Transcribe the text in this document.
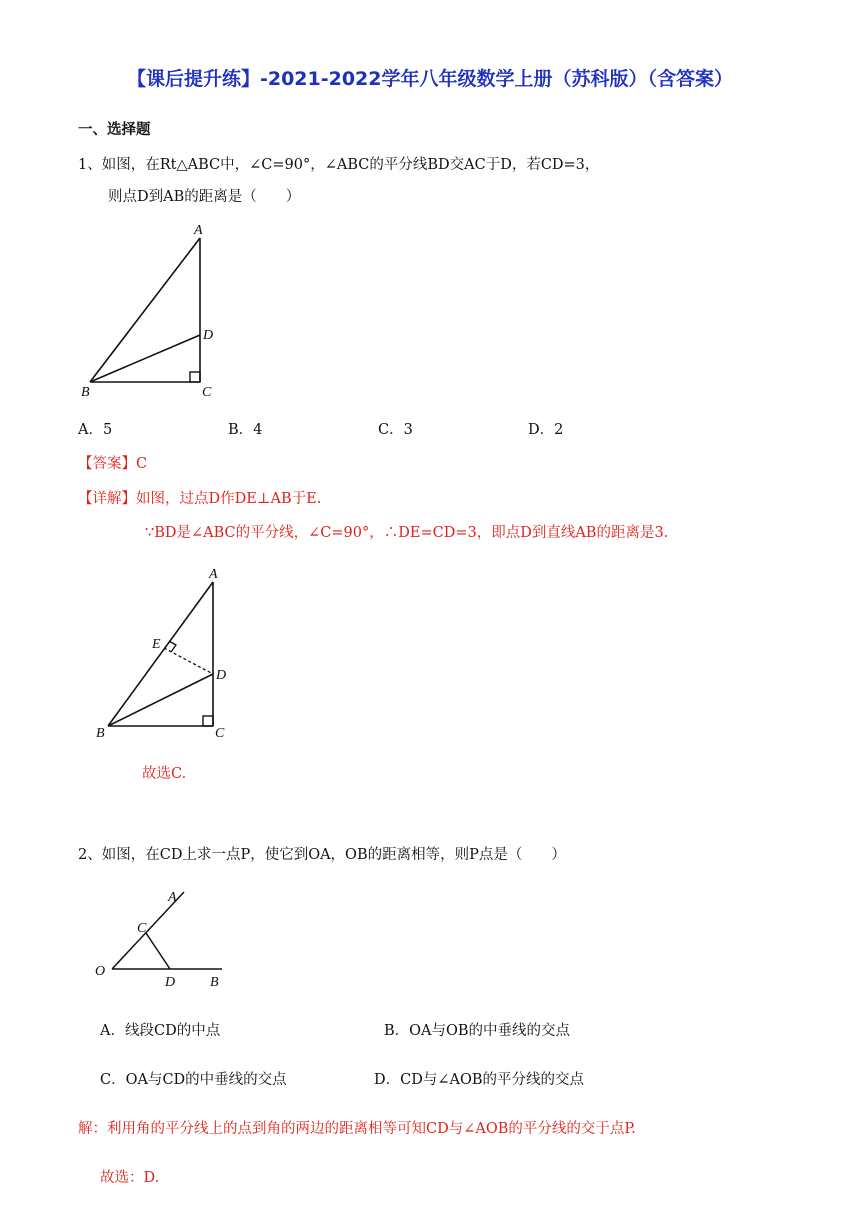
【课后提升练】-2021-2022学年八年级数学上册（苏科版）（含答案）
一、选择题
1、如图，在Rt△ABC中，∠C=90°，∠ABC的平分线BD交AC于D，若CD=3，
则点D到AB的距离是（　　）
A
D
B	C
A．5	B．4	C．3	D．2
【答案】C
【详解】如图，过点D作DE⊥AB于E.
∵BD是∠ABC的平分线，∠C=90°，∴DE=CD=3，即点D到直线AB的距离是3.
A
E
D
B	C
故选C.
2、如图，在CD上求一点P，使它到OA，OB的距离相等，则P点是（　　）
A
C
O
D B
A．线段CD的中点	B．OA与OB的中垂线的交点
C．OA与CD的中垂线的交点	D．CD与∠AOB的平分线的交点
解：利用角的平分线上的点到角的两边的距离相等可知CD与∠AOB的平分线的交于点P.
故选：D.
